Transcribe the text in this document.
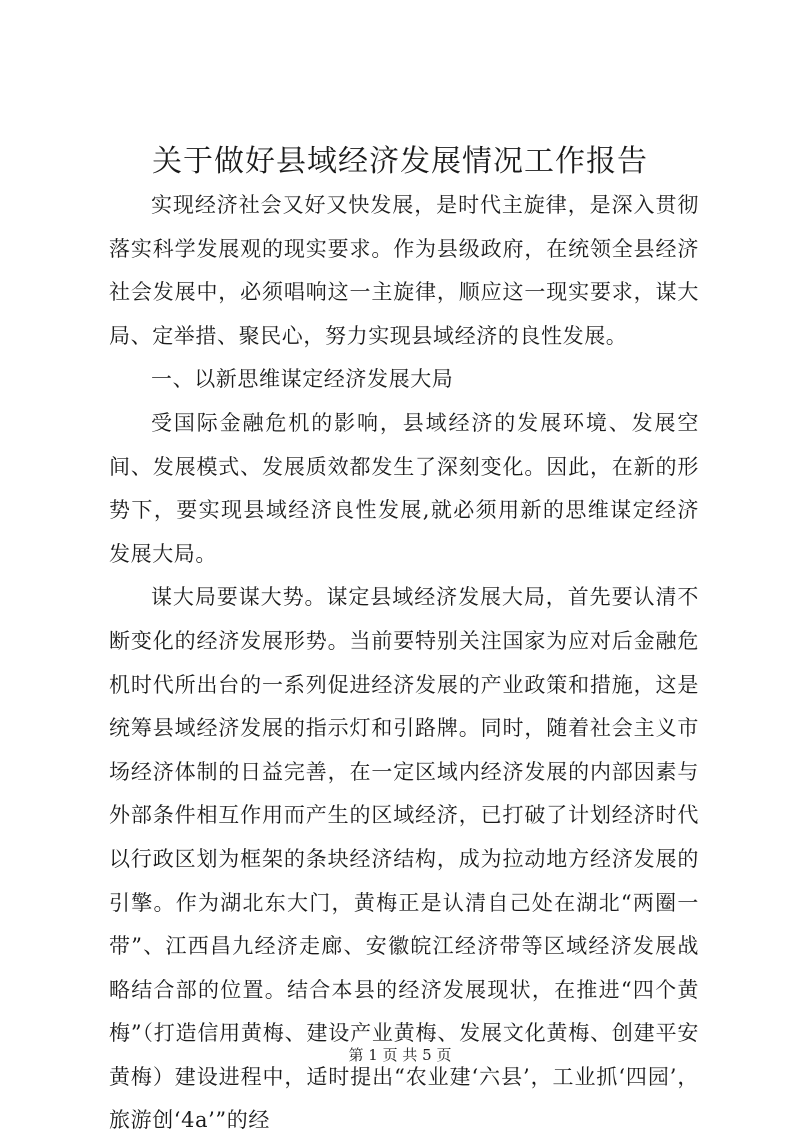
关于做好县域经济发展情况工作报告

实现经济社会又好又快发展，是时代主旋律，是深入贯彻落实科学发展观的现实要求。作为县级政府，在统领全县经济社会发展中，必须唱响这一主旋律，顺应这一现实要求，谋大局、定举措、聚民心，努力实现县域经济的良性发展。

一、以新思维谋定经济发展大局

受国际金融危机的影响，县域经济的发展环境、发展空间、发展模式、发展质效都发生了深刻变化。因此，在新的形势下，要实现县域经济良性发展,就必须用新的思维谋定经济发展大局。

谋大局要谋大势。谋定县域经济发展大局，首先要认清不断变化的经济发展形势。当前要特别关注国家为应对后金融危机时代所出台的一系列促进经济发展的产业政策和措施，这是统筹县域经济发展的指示灯和引路牌。同时，随着社会主义市场经济体制的日益完善，在一定区域内经济发展的内部因素与外部条件相互作用而产生的区域经济，已打破了计划经济时代以行政区划为框架的条块经济结构，成为拉动地方经济发展的引擎。作为湖北东大门，黄梅正是认清自己处在湖北“两圈一带”、江西昌九经济走廊、安徽皖江经济带等区域经济发展战略结合部的位置。结合本县的经济发展现状，在推进“四个黄梅”（打造信用黄梅、建设产业黄梅、发展文化黄梅、创建平安黄梅）建设进程中，适时提出“农业建‘六县’，工业抓‘四园’，旅游创‘4a’”的经

第 1 页 共 5 页
